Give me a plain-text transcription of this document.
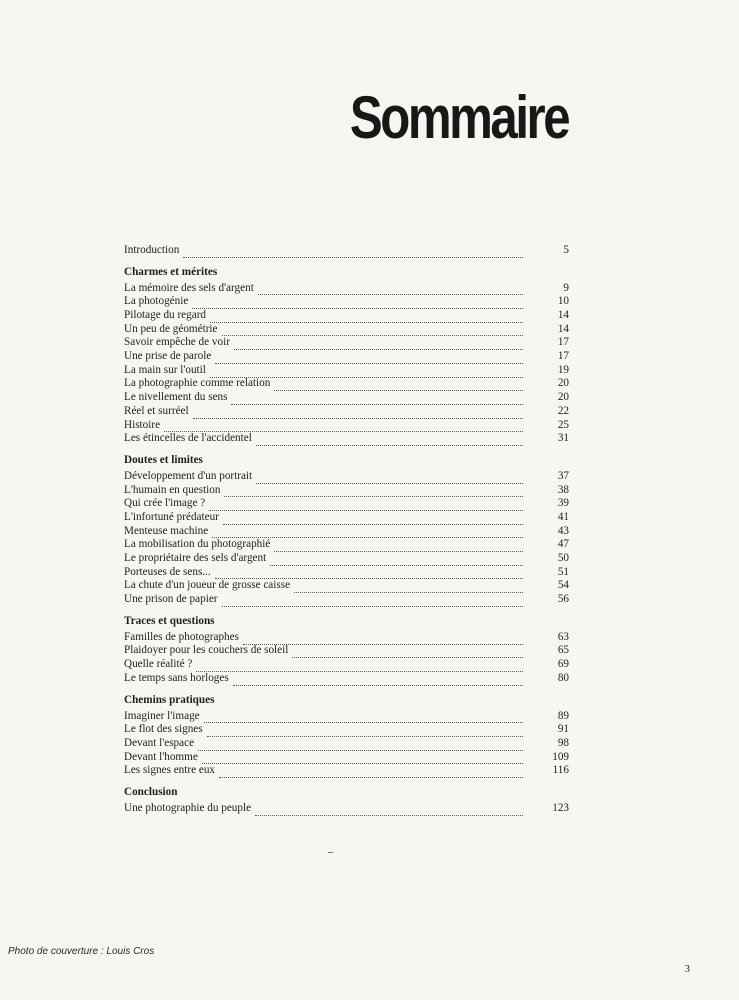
Sommaire
Introduction	5
Charmes et mérites
La mémoire des sels d'argent	9
La photogénie	10
Pilotage du regard	14
Un peu de géométrie	14
Savoir empêche de voir	17
Une prise de parole	17
La main sur l'outil	19
La photographie comme relation	20
Le nivellement du sens	20
Réel et surréel	22
Histoire	25
Les étincelles de l'accidentel	31
Doutes et limites
Développement d'un portrait	37
L'humain en question	38
Qui crée l'image ?	39
L'infortuné prédateur	41
Menteuse machine	43
La mobilisation du photographié	47
Le propriétaire des sels d'argent	50
Porteuses de sens...	51
La chute d'un joueur de grosse caisse	54
Une prison de papier	56
Traces et questions
Familles de photographes	63
Plaidoyer pour les couchers de soleil	65
Quelle réalité ?	69
Le temps sans horloges	80
Chemins pratiques
Imaginer l'image	89
Le flot des signes	91
Devant l'espace	98
Devant l'homme	109
Les signes entre eux	116
Conclusion
Une photographie du peuple	123
Photo de couverture : Louis Cros
3
